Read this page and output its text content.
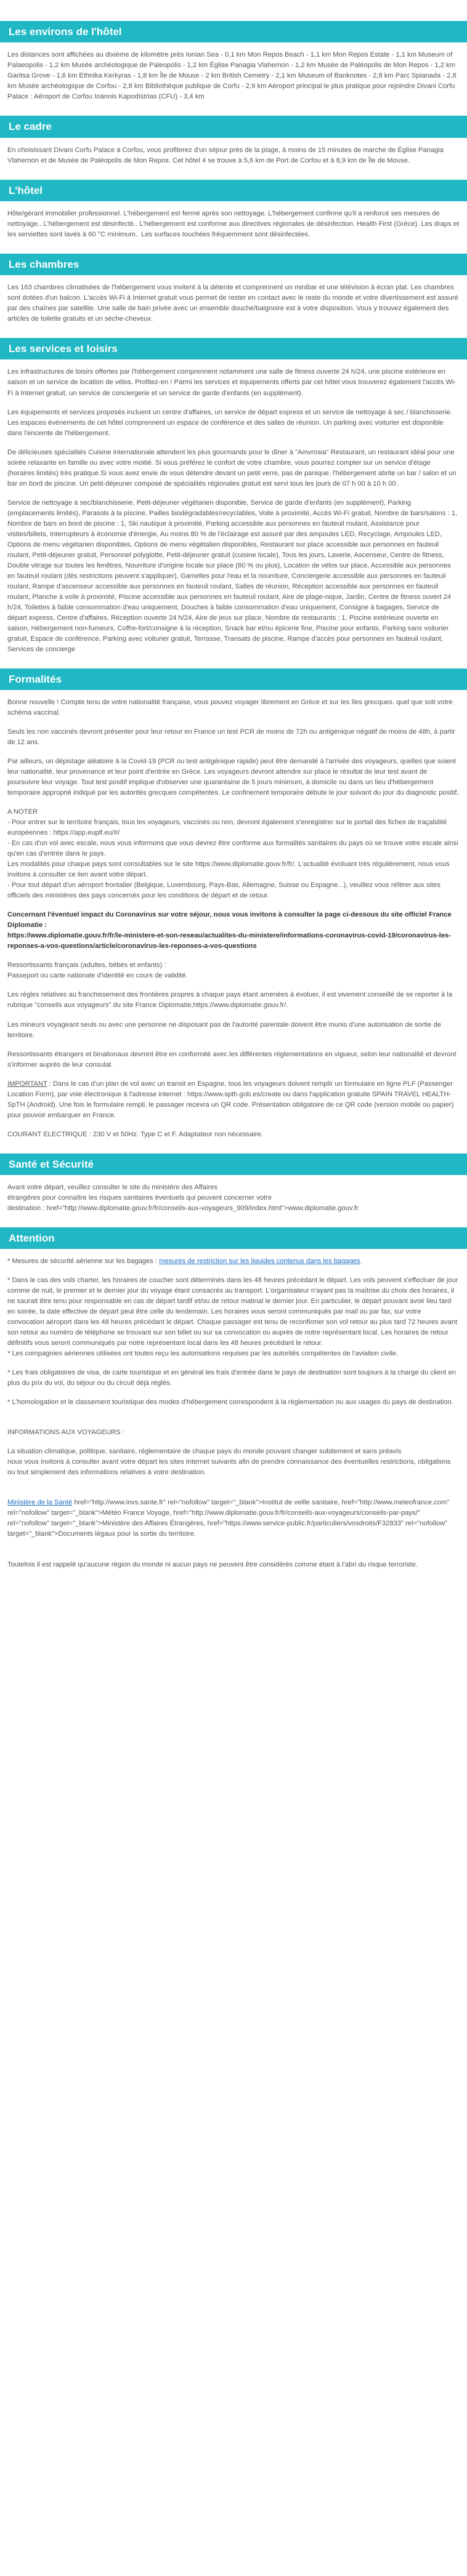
Les environs de l'hôtel

Les distances sont affichées au dixième de kilomètre près Ionian Sea - 0,1 km Mon Repos Beach - 1,1 km Mon Repos Estate - 1,1 km Museum of Palaeopolis - 1,2 km Musée archéologique de Paleopolis - 1,2 km Église Panagia Vlahernon - 1,2 km Musée de Paléopolis de Mon Repos - 1,2 km Garitsa Grove - 1,6 km Ethnika Kerkyras - 1,8 km Île de Mouse - 2 km British Cemetry - 2,1 km Museum of Banknotes - 2,8 km Parc Spianada - 2,8 km Musée archéologique de Corfou - 2,8 km Bibliothèque publique de Corfu - 2,9 km Aéroport principal le plus pratique pour rejoindre Divani Corfu Palace : Aéroport de Corfou Ioánnis Kapodístrias (CFU) - 3,4 km

Le cadre

En choisissant Divani Corfu Palace à Corfou, vous profiterez d'un séjour près de la plage, à moins de 15 minutes de marche de Église Panagia Vlahernon et de Musée de Paléopolis de Mon Repos. Cet hôtel 4 se trouve à 5,6 km de Port de Corfou et à 8,9 km de Île de Mouse.

L'hôtel

Hôte/gérant immobilier professionnel. L'hébergement est fermé après son nettoyage. L'hébergement confirme qu'il a renforcé ses mesures de nettoyage.. L'hébergement est désinfecté.. L'hébergement est conforme aux directives régionales de désinfection. Health First (Grèce). Les draps et les serviettes sont lavés à 60 °C minimum.. Les surfaces touchées fréquemment sont désinfectées.

Les chambres

Les 163 chambres climatisées de l'hébergement vous invitent à la détente et comprennent un minibar et une télévision à écran plat. Les chambres sont dotées d'un balcon. L'accès Wi-Fi à Internet gratuit vous permet de rester en contact avec le reste du monde et votre divertissement est assuré par des chaînes par satellite. Une salle de bain privée avec un ensemble douche/baignoire est à votre disposition. Vous y trouvez également des articles de toilette gratuits et un sèche-cheveux.

Les services et loisirs

Les infrastructures de loisirs offertes par l'hébergement comprennent notamment une salle de fitness ouverte 24 h/24, une piscine extérieure en saison et un service de location de vélos. Profitez-en ! Parmi les services et équipements offerts par cet hôtel vous trouverez également l'accès Wi-Fi à Internet gratuit, un service de conciergerie et un service de garde d'enfants (en supplément).

Les équipements et services proposés incluent un centre d'affaires, un service de départ express et un service de nettoyage à sec / blanchisserie. Les espaces événements de cet hôtel comprennent un espace de conférence et des salles de réunion. Un parking avec voiturier est disponible dans l'enceinte de l'hébergement.

De délicieuses spécialités Cuisine internationale attendent les plus gourmands pour le dîner à "Amvrosia" Restaurant, un restaurant idéal pour une soirée relaxante en famille ou avec votre moitié. Si vous préférez le confort de votre chambre, vous pourrez compter sur un service d'étage (horaires limités) très pratique.Si vous avez envie de vous détendre devant un petit verre, pas de panique, l'hébergement abrite un bar / salon et un bar en bord de piscine. Un petit-déjeuner composé de spécialités régionales gratuit est servi tous les jours de 07 h 00 à 10 h 00.

Service de nettoyage à sec/blanchisserie, Petit-déjeuner végétarien disponible, Service de garde d'enfants (en supplément), Parking (emplacements limités), Parasols à la piscine, Pailles biodégradables/recyclables, Voile à proximité, Accès Wi-Fi gratuit, Nombre de bars/salons : 1, Nombre de bars en bord de piscine : 1, Ski nautique à proximité, Parking accessible aux personnes en fauteuil roulant, Assistance pour visites/billets, Interrupteurs à économie d'énergie, Au moins 80 % de l'éclairage est assuré par des ampoules LED, Recyclage, Ampoules LED, Options de menu végétarien disponibles, Options de menu végétalien disponibles, Restaurant sur place accessible aux personnes en fauteuil roulant, Petit-déjeuner gratuit, Personnel polyglotte, Petit-déjeuner gratuit (cuisine locale), Tous les jours, Laverie, Ascenseur, Centre de fitness, Double vitrage sur toutes les fenêtres, Nourriture d'origine locale sur place (80 % ou plus), Location de vélos sur place, Accessible aux personnes en fauteuil roulant (dès restrictions peuvent s'appliquer), Gamelles pour l'eau et la nourriture, Conciergerie accessible aux personnes en fauteuil roulant, Rampe d'ascenseur accessible aux personnes en fauteuil roulant, Salles de réunion, Réception accessible aux personnes en fauteuil roulant, Planche à voile à proximité, Piscine accessible aux personnes en fauteuil roulant, Aire de plage-nique, Jardin, Centre de fitness ouvert 24 h/24, Toilettes à faible consommation d'eau uniquement, Douches à faible consommation d'eau uniquement, Consigne à bagages, Service de départ express, Centre d'affaires, Réception ouverte 24 h/24, Aire de jeux sur place, Nombre de restaurants : 1, Piscine extérieure ouverte en saison, Hébergement non-fumeurs, Coffre-fort/consigne à la réception, Snack bar et/ou épicerie fine, Piscine pour enfants, Parking sans voiturier gratuit, Espace de conférence, Parking avec voiturier gratuit, Terrasse, Transats de piscine, Rampe d'accès pour personnes en fauteuil roulant, Services de concierge

Formalités

Bonne nouvelle ! Compte tenu de votre nationalité française, vous pouvez voyager librement en Grèce et sur les îles grecques. quel que soit votre schéma vaccinal.

Seuls les non vaccinés devront présenter pour leur retour en France un test PCR de moins de 72h ou antigénique négatif de moins de 48h, à partir de 12 ans.

Par ailleurs, un dépistage aléatoire à la Covid-19 (PCR ou test antigénique rapide) peut être demandé à l'arrivée des voyageurs, quelles que soient leur nationalité, leur provenance et leur point d'entrée en Grèce. Les voyageurs devront attendre sur place le résultat de leur test avant de poursuivre leur voyage. Tout test positif implique d'observer une quarantaine de 5 jours minimum, à domicile ou dans un lieu d'hébergement temporaire approprié indiqué par les autorités grecques compétentes. Le confinement temporaire débute le jour suivant du jour du diagnostic positif.

A NOTER
- Pour entrer sur le territoire français, tous les voyageurs, vaccinés ou non, devront également s'enregistrer sur le portail des fiches de traçabilité européennes : https://app.euplf.eu/#/
- En cas d'un vol avec escale, nous vous informons que vous devrez être conforme aux formalités sanitaires du pays où se trouve votre escale ainsi qu'en cas d'entrée dans le pays.
Les modalités pour chaque pays sont consultables sur le site https://www.diplomatie.gouv.fr/fr/. L'actualité évoluant très régulièrement, nous vous invitons à consulter ce lien avant votre départ.
- Pour tout départ d'un aéroport frontalier (Belgique, Luxembourg, Pays-Bas, Allemagne, Suisse ou Espagne...), veuillez vous référer aux sites officiels des ministères des pays concernés pour les conditions de départ et de retour.

Concernant l'éventuel impact du Coronavirus sur votre séjour, nous vous invitons à consulter la page ci-dessous du site officiel France Diplomatie :
https://www.diplomatie.gouv.fr/fr/le-ministere-et-son-reseau/actualites-du-ministere/informations-coronavirus-covid-19/coronavirus-les-reponses-a-vos-questions/article/coronavirus-les-reponses-a-vos-questions

Ressortissants français (adultes, bébés et enfants) :
Passeport ou carte nationale d'identité en cours de validité.

Les règles relatives au franchissement des frontières propres à chaque pays étant amenées à évoluer, il est vivement conseillé de se reporter à la rubrique "conseils aux voyageurs" du site France Diplomatie,https://www.diplomatie.gouv.fr/.

Les mineurs voyageant seuls ou avec une personne ne disposant pas de l'autorité parentale doivent être munis d'une autorisation de sortie de territoire.

Ressortissants étrangers et binationaux devront être en conformité avec les différentes réglementations en vigueur, selon leur nationalité et devront s'informer auprès de leur consulat.

IMPORTANT : Dans le cas d'un plan de vol avec un transit en Espagne, tous les voyageurs doivent remplir un formulaire en ligne PLF (Passenger Location Form), par voie électronique à l'adresse internet : https://www.spth.gob.es/create ou dans l'application gratuite SPAIN TRAVEL HEALTH-SpTH (Android). Une fois le formulaire rempli, le passager recevra un QR code. Présentation obligatoire de ce QR code (version mobile ou papier) pour pouvoir embarquer en France.

COURANT ELECTRIQUE : 230 V et 50Hz. Type C et F. Adaptateur non nécessaire.

Santé et Sécurité

Avant votre départ, veuillez consulter le site du ministère des Affaires
étrangères pour connaître les risques sanitaires éventuels qui peuvent concerner votre
destination : href="http://www.diplomatie.gouv.fr/fr/conseils-aux-voyageurs_909/index.html">www.diplomatie.gouv.fr

Attention

* Mesures de sécurité aérienne sur les bagages : mesures de restriction sur les liquides contenus dans les bagages.

* Dans le cas des vols charter, les horaires de coucher sont déterminés dans les 48 heures précédant le départ. Les vols peuvent s'effectuer de jour comme de nuit, le premier et le dernier jour du voyage étant consacrés au transport. L'organisateur n'ayant pas la maîtrise du choix des horaires, il ne saurait être tenu pour responsable en cas de départ tardif et/ou de retour matinal le dernier jour. En particulier, le départ pouvant avoir lieu tard en soirée, la date effective de départ peut être celle du lendemain. Les horaires vous seront communiqués par mail ou par fax, sur votre convocation aéroport dans les 48 heures précédant le départ. Chaque passager est tenu de reconfirmer son vol retour au plus tard 72 heures avant son retour au numéro de téléphone se trouvant sur son billet ou sur sa convocation ou auprès de notre représentant local. Les horaires de retour définitifs vous seront communiqués par notre représentant local dans les 48 heures précédant le retour.
* Les compagnies aériennes utilisées ont toutes reçu les autorisations requises par les autorités compétentes de l'aviation civile.

* Les frais obligatoires de visa, de carte touristique et en général les frais d'entrée dans le pays de destination sont toujours à la charge du client en plus du prix du vol, du séjour ou du circuit déjà réglés.

* L'homologation et le classement touristique des modes d'hébergement correspondent à la réglementation ou aux usages du pays de destination.

INFORMATIONS AUX VOYAGEURS :

La situation climatique, politique, sanitaire, réglementaire de chaque pays du monde pouvant changer subitement et sans préavis
nous vous invitons à consulter avant votre départ les sites Internet suivants afin de prendre connaissance des éventuelles restrictions, obligations ou tout simplement des informations relatives à votre destination.

Ministère de la Santé href="http://www.invs.sante.fr" rel="nofollow" target="_blank">Institut de veille sanitaire, href="http://www.meteofrance.com" rel="nofollow" target="_blank">Météo France Voyage, href="http://www.diplomatie.gouv.fr/fr/conseils-aux-voyageurs/conseils-par-pays/" rel="nofollow" target="_blank">Ministère des Affaires Étrangères, href="https://www.service-public.fr/particuliers/vosdroits/F32833" rel="nofollow" target="_blank">Documents légaux pour la sortie du territoire.

Toutefois il est rappelé qu'aucune région du monde ni aucun pays ne peuvent être considérés comme étant à l'abri du risque terroriste.
